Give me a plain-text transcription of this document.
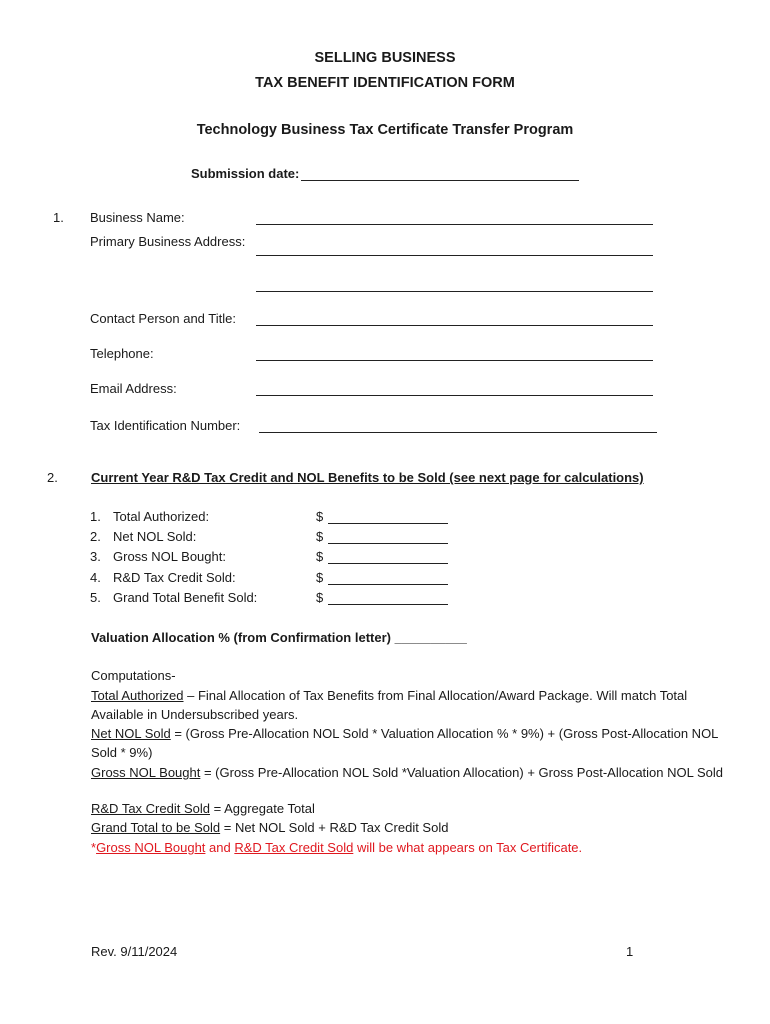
SELLING BUSINESS
TAX BENEFIT IDENTIFICATION FORM
Technology Business Tax Certificate Transfer Program
Submission date:
1. Business Name:
Primary Business Address:
Contact Person and Title:
Telephone:
Email Address:
Tax Identification Number:
2.	Current Year R&D Tax Credit and NOL Benefits to be Sold (see next page for calculations)
1. Total Authorized:	$
2. Net NOL Sold:	$
3. Gross NOL Bought:	$
4. R&D Tax Credit Sold:	$
5. Grand Total Benefit Sold:	$
Valuation Allocation % (from Confirmation letter) __________
Computations-
Total Authorized – Final Allocation of Tax Benefits from Final Allocation/Award Package. Will match Total Available in Undersubscribed years.
Net NOL Sold = (Gross Pre-Allocation NOL Sold * Valuation Allocation % * 9%) + (Gross Post-Allocation NOL Sold * 9%)
Gross NOL Bought = (Gross Pre-Allocation NOL Sold *Valuation Allocation) + Gross Post-Allocation NOL Sold
R&D Tax Credit Sold = Aggregate Total
Grand Total to be Sold = Net NOL Sold + R&D Tax Credit Sold
*Gross NOL Bought and R&D Tax Credit Sold will be what appears on Tax Certificate.
Rev. 9/11/2024	1
